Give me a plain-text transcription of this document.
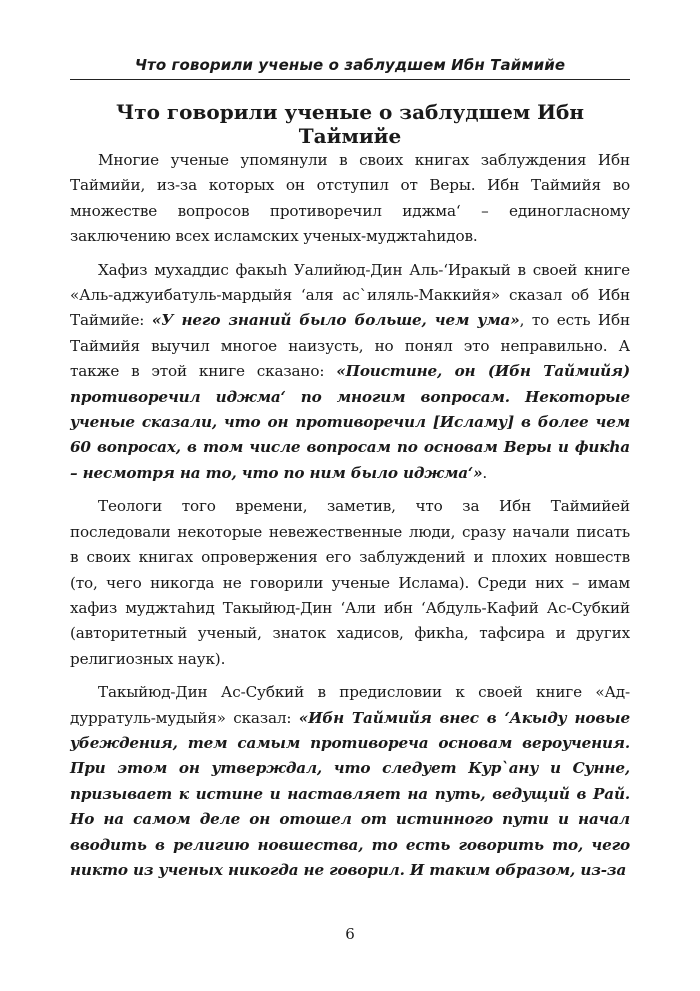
Что говорили ученые о заблудшем Ибн Таймийе
Что говорили ученые о заблудшем Ибн Таймийе

Многие ученые упомянули в своих книгах заблуждения Ибн Таймийи, из-за которых он отступил от Веры. Ибн Таймийя во множестве вопросов противоречил иджма‘ – единогласному заключению всех исламских ученых-муджтаhидов.

Хафиз мухаддис факыh Уалийюд-Дин Аль-‘Иракый в своей книге «Аль-аджуибатуль-мардыйя ‘аля ас`иляль-Маккийя» сказал об Ибн Таймийе: «У него знаний было больше, чем ума», то есть Ибн Таймийя выучил многое наизусть, но понял это неправильно. А также в этой книге сказано: «Поистине, он (Ибн Таймийя) противоречил иджма‘ по многим вопросам. Некоторые ученые сказали, что он противоречил [Исламу] в более чем 60 вопросах, в том числе вопросам по основам Веры и фикhа – несмотря на то, что по ним было иджма‘».

Теологи того времени, заметив, что за Ибн Таймийей последовали некоторые невежественные люди, сразу начали писать в своих книгах опровержения его заблуждений и плохих новшеств (то, чего никогда не говорили ученые Ислама). Среди них – имам хафиз муджтаhид Такыйюд-Дин ‘Али ибн ‘Абдуль-Кафий Ас-Субкий (авторитетный ученый, знаток хадисов, фикhа, тафсира и других религиозных наук).

Такыйюд-Дин Ас-Субкий в предисловии к своей книге «Ад-дурратуль-мудыйя» сказал: «Ибн Таймийя внес в ‘Акыду новые убеждения, тем самым противореча основам вероучения. При этом он утверждал, что следует Кур`ану и Сунне, призывает к истине и наставляет на путь, ведущий в Рай. Но на самом деле он отошел от истинного пути и начал вводить в религию новшества, то есть говорить то, чего никто из ученых никогда не говорил. И таким образом, из-за

6
